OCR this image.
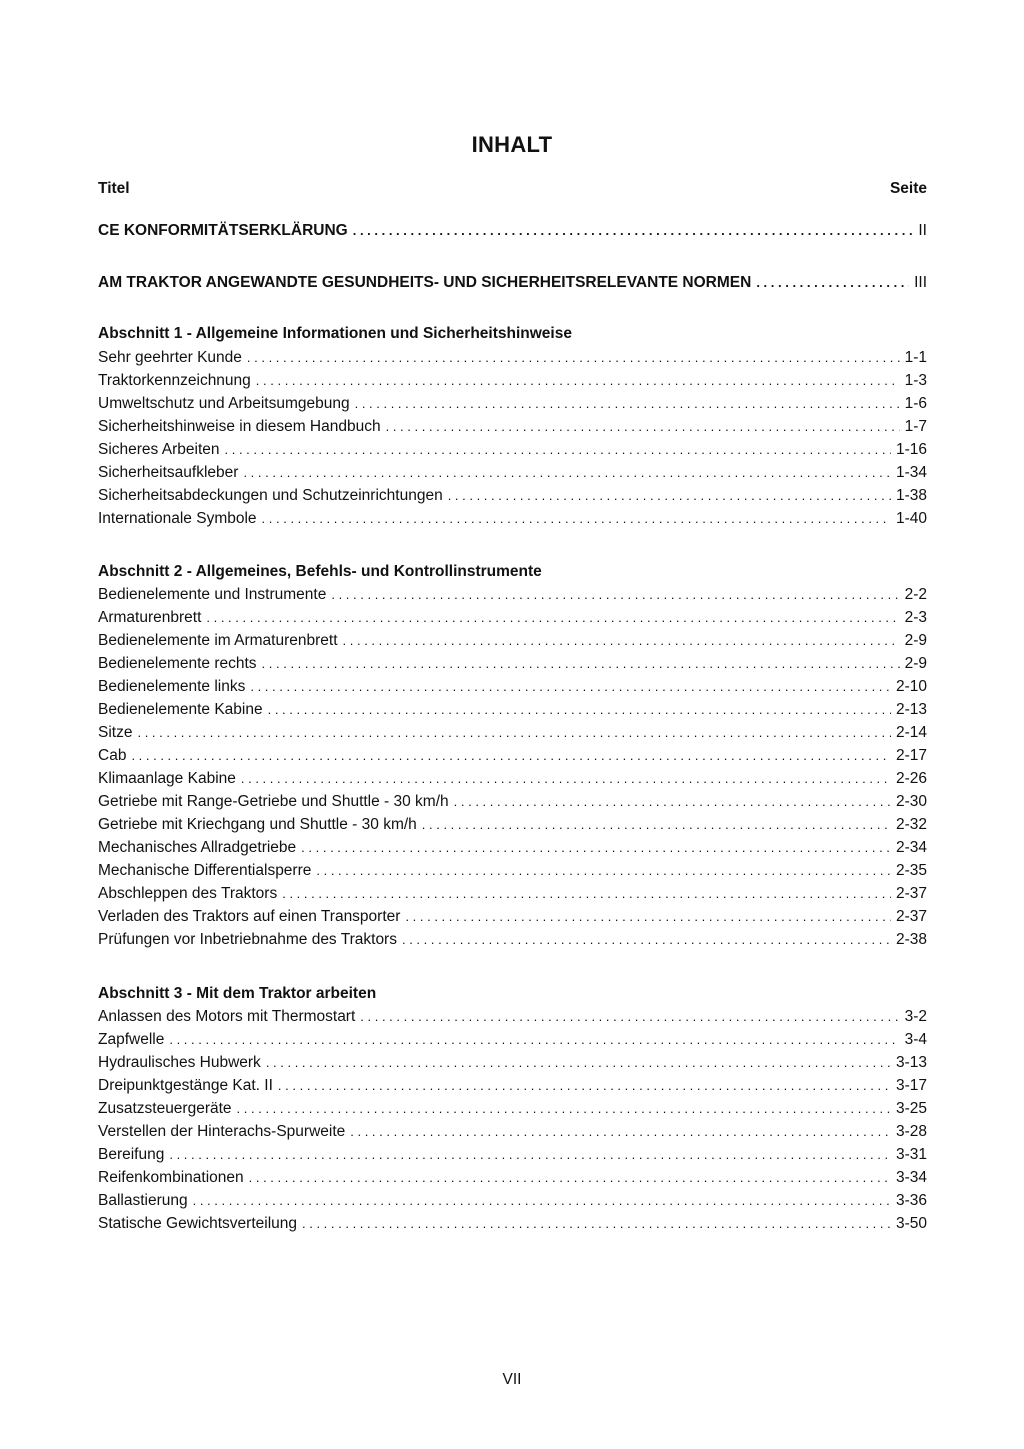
INHALT
Titel	Seite
CE KONFORMITÄTSERKLÄRUNG . . .	II
AM TRAKTOR ANGEWANDTE GESUNDHEITS- UND SICHERHEITSRELEVANTE NORMEN . . .	III
Abschnitt 1 - Allgemeine Informationen und Sicherheitshinweise
Sehr geehrter Kunde . . .	1-1
Traktorkennzeichnung . . .	1-3
Umweltschutz und Arbeitsumgebung . . .	1-6
Sicherheitshinweise in diesem Handbuch . . .	1-7
Sicheres Arbeiten . . .	1-16
Sicherheitsaufkleber . . .	1-34
Sicherheitsabdeckungen und Schutzeinrichtungen . . .	1-38
Internationale Symbole . . .	1-40
Abschnitt 2 - Allgemeines, Befehls- und Kontrollinstrumente
Bedienelemente und Instrumente . . .	2-2
Armaturenbrett . . .	2-3
Bedienelemente im Armaturenbrett . . .	2-9
Bedienelemente rechts . . .	2-9
Bedienelemente links . . .	2-10
Bedienelemente Kabine . . .	2-13
Sitze . . .	2-14
Cab . . .	2-17
Klimaanlage Kabine . . .	2-26
Getriebe mit Range-Getriebe und Shuttle - 30 km/h . . .	2-30
Getriebe mit Kriechgang und Shuttle - 30 km/h . . .	2-32
Mechanisches Allradgetriebe . . .	2-34
Mechanische Differentialsperre . . .	2-35
Abschleppen des Traktors . . .	2-37
Verladen des Traktors auf einen Transporter . . .	2-37
Prüfungen vor Inbetriebnahme des Traktors . . .	2-38
Abschnitt 3 - Mit dem Traktor arbeiten
Anlassen des Motors mit Thermostart . . .	3-2
Zapfwelle . . .	3-4
Hydraulisches Hubwerk . . .	3-13
Dreipunktgestänge Kat. II . . .	3-17
Zusatzsteuergeräte . . .	3-25
Verstellen der Hinterachs-Spurweite . . .	3-28
Bereifung . . .	3-31
Reifenkombinationen . . .	3-34
Ballastierung . . .	3-36
Statische Gewichtsverteilung . . .	3-50
VII
